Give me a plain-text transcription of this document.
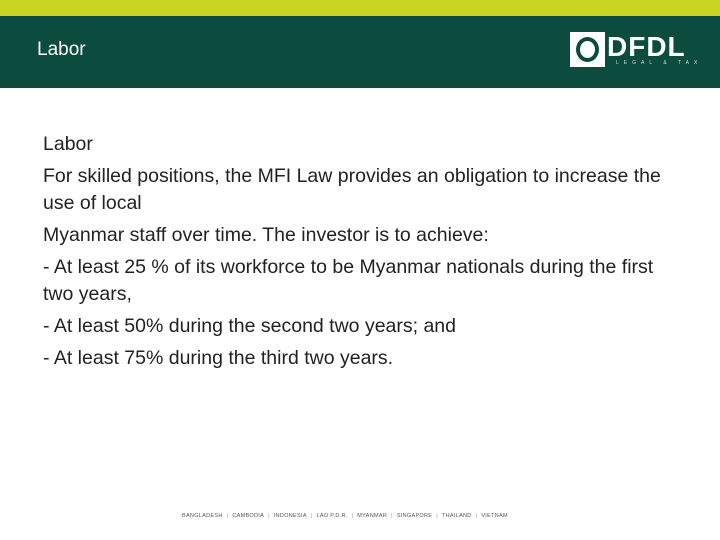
Labor	DFDL
LEGAL & TAX

Labor

For skilled positions, the MFI Law provides an obligation to increase the use of local

Myanmar staff over time. The investor is to achieve:

- At least 25 % of its workforce to be Myanmar nationals during the first two years,

- At least 50% during the second two years; and

- At least 75% during the third two years.

BANGLADESH | CAMBODIA | INDONESIA | LAO P.D.R. | MYANMAR | SINGAPORE | THAILAND | VIETNAM
